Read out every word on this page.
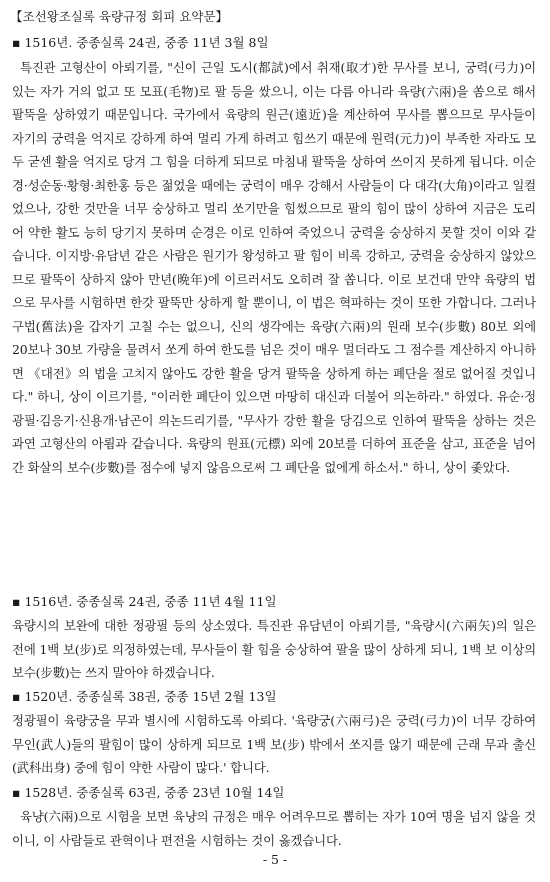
【조선왕조실록 육량규정 회피 요약문】
▪ 1516년. 중종실록 24권, 중종 11년 3월 8일

특진관 고형산이 아뢰기를, "신이 근일 도시(都試)에서 취재(取才)한 무사를 보니, 궁력(弓力)이 있는 자가 거의 없고 또 모표(毛物)로 팔 등을 쌌으니, 이는 다름 아니라 육량(六兩)을 쏨으로 해서 팔뚝을 상하였기 때문입니다. 국가에서 육량의 원근(遠近)을 계산하여 무사를 뽑으므로 무사들이 자기의 궁력을 억지로 강하게 하여 멀리 가게 하려고 힘쓰기 때문에 원력(元力)이 부족한 자라도 모두 굳센 활을 억지로 당겨 그 힘을 더하게 되므로 마침내 팔뚝을 상하여 쓰이지 못하게 됩니다. 이순경·성순동·황형·최한홍 등은 젊었을 때에는 궁력이 매우 강해서 사람들이 다 대각(大角)이라고 일컬었으나, 강한 것만을 너무 숭상하고 멀리 쏘기만을 힘썼으므로 팔의 힘이 많이 상하여 지금은 도리어 약한 활도 능히 당기지 못하며 순경은 이로 인하여 죽었으니 궁력을 숭상하지 못할 것이 이와 같습니다. 이지방·유담년 같은 사람은 원기가 왕성하고 팔 힘이 비록 강하고, 궁력을 숭상하지 않았으므로 팔뚝이 상하지 않아 만년(晩年)에 이르러서도 오히려 잘 쏩니다. 이로 보건대 만약 육량의 법으로 무사를 시험하면 한갓 팔뚝만 상하게 할 뿐이니, 이 법은 혁파하는 것이 또한 가합니다. 그러나 구법(舊法)을 갑자기 고칠 수는 없으니, 신의 생각에는 육량(六兩)의 원래 보수(步數) 80보 외에 20보나 30보 가량을 물려서 쏘게 하여 한도를 넘은 것이 매우 멀더라도 그 점수를 계산하지 아니하면 《대전》의 법을 고치지 않아도 강한 활을 당겨 팔뚝을 상하게 하는 폐단을 절로 없어질 것입니다." 하니, 상이 이르기를, "이러한 폐단이 있으면 마땅히 대신과 더불어 의논하라." 하였다. 유순·정광필·김응기·신용개·남곤이 의논드리기를, "무사가 강한 활을 당김으로 인하여 팔뚝을 상하는 것은 과연 고형산의 아룀과 같습니다. 육량의 원표(元標) 외에 20보를 더하여 표준을 삼고, 표준을 넘어간 화살의 보수(步數)를 점수에 넣지 않음으로써 그 폐단을 없에게 하소서." 하니, 상이 좇았다.

▪ 1516년. 중종실록 24권, 중종 11년 4월 11일

육량시의 보완에 대한 정광필 등의 상소였다. 특진관 유담년이 아뢰기를, "육량시(六兩矢)의 일은 전에 1백 보(步)로 의정하였는데, 무사들이 활 힘을 숭상하여 팔을 많이 상하게 되니, 1백 보 이상의 보수(步數)는 쓰지 말아야 하겠습니다.

▪ 1520년. 중종실록 38권, 중종 15년 2월 13일

정광필이 육량궁을 무과 별시에 시험하도록 아뢰다. '육량궁(六兩弓)은 궁력(弓力)이 너무 강하여 무인(武人)들의 팔힘이 많이 상하게 되므로 1백 보(步) 밖에서 쏘지를 않기 때문에 근래 무과 출신(武科出身) 중에 힘이 약한 사람이 많다.' 합니다.

▪ 1528년. 중종실록 63권, 중종 23년 10월 14일

육냥(六兩)으로 시험을 보면 육냥의 규정은 매우 어려우므로 뽑히는 자가 10여 명을 넘지 않을 것이니, 이 사람들로 관혁이나 편전을 시험하는 것이 옳겠습니다.

- 5 -
